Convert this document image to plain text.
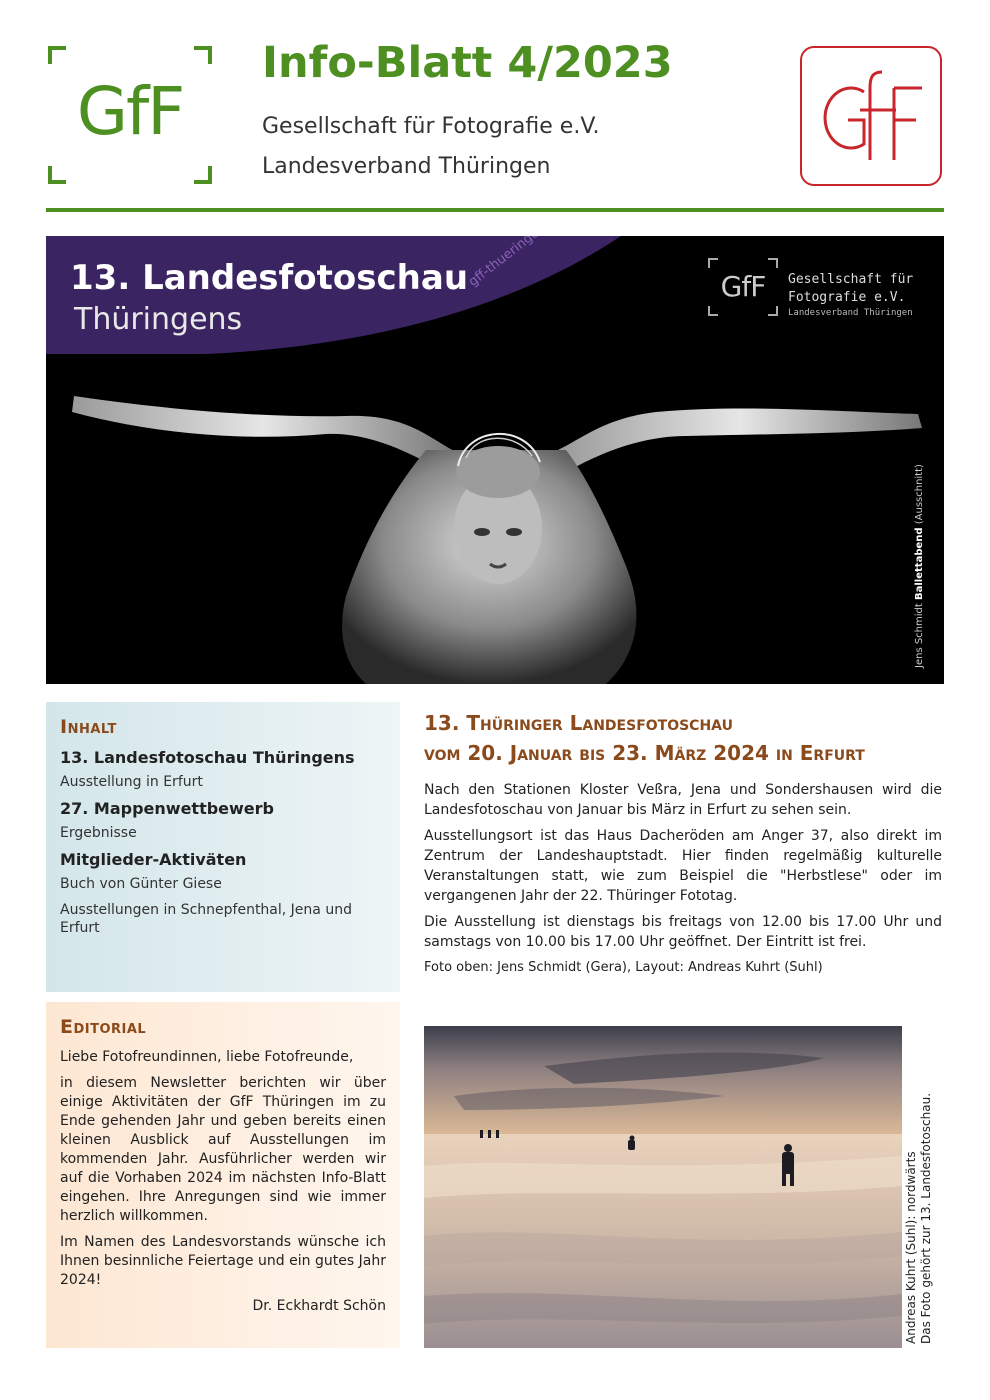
GfF
Info-Blatt 4/2023
Gesellschaft für Fotografie e.V.
Landesverband Thüringen
13. Landesfotoschau
Thüringens
GfF	Gesellschaft für
Fotografie e.V.
Landesverband Thüringen
Jens Schmidt Ballettabend (Ausschnitt)
Inhalt
13. Landesfotoschau Thüringens

Ausstellung in Erfurt

27. Mappenwettbewerb

Ergebnisse

Mitglieder-Aktiväten

Buch von Günter Giese

Ausstellungen in Schnepfenthal, Jena und Erfurt

Editorial

Liebe Fotofreundinnen, liebe Fotofreunde,

in diesem Newsletter berichten wir über einige Aktivitäten der GfF Thüringen im zu Ende gehenden Jahr und geben bereits einen kleinen Ausblick auf Ausstellungen im kommenden Jahr. Ausführlicher werden wir auf die Vorhaben 2024 im nächsten Info-Blatt eingehen. Ihre Anregungen sind wie immer herzlich willkommen.

Im Namen des Landesvorstands wünsche ich Ihnen besinnliche Feiertage und ein gutes Jahr 2024!

Dr. Eckhardt Schön

13. Thüringer Landesfotoschau
vom 20. Januar bis 23. März 2024 in Erfurt

Nach den Stationen Kloster Veßra, Jena und Sondershausen wird die Landesfotoschau von Januar bis März in Erfurt zu sehen sein.

Ausstellungsort ist das Haus Dacheröden am Anger 37, also direkt im Zentrum der Landeshauptstadt. Hier finden regelmäßig kulturelle Veranstaltungen statt, wie zum Beispiel die "Herbstlese" oder im vergangenen Jahr der 22. Thüringer Fototag.

Die Ausstellung ist dienstags bis freitags von 12.00 bis 17.00 Uhr und samstags von 10.00 bis 17.00 Uhr geöffnet. Der Eintritt ist frei.

Foto oben: Jens Schmidt (Gera), Layout: Andreas Kuhrt (Suhl)

Andreas Kuhrt (Suhl): nordwärts Das Foto gehört zur 13. Landesfotoschau.
